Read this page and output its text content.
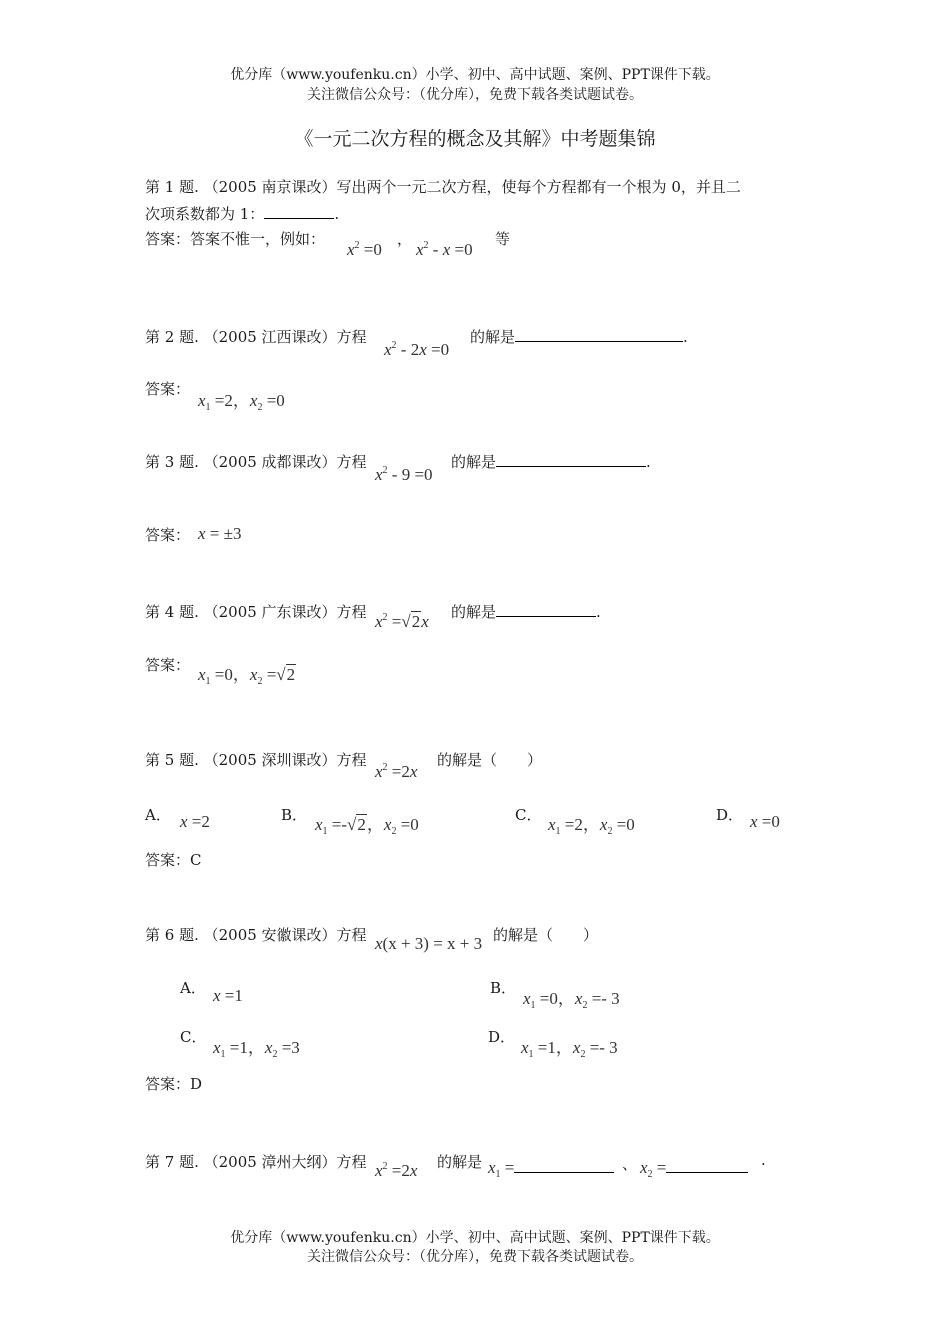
优分库（www.youfenku.cn）小学、初中、高中试题、案例、PPT课件下载。
关注微信公众号：（优分库），免费下载各类试题试卷。
《一元二次方程的概念及其解》中考题集锦
第 1 题. （2005 南京课改）写出两个一元二次方程，使每个方程都有一个根为 0，并且二
次项系数都为 1：	.
答案：答案不惟一，例如：
$x^2 =0$
，
$x^2 - x =0$
等
第 2 题. （2005 江西课改）方程
$x^2 - 2x =0$
的解是	.
答案：
$x_1 =2$，$x_2 =0$
第 3 题. （2005 成都课改）方程
$x^2 - 9 =0$
的解是	.
答案： x = ±3
第 4 题. （2005 广东课改）方程 $x^2 =√2x$ 的解是	.
答案： $x_1 =0$，$x_2 =√2$
第 5 题. （2005 深圳课改）方程
$x^2 =2x$
的解是（　　）
A． x =2	B． $x_1 =-√2$，$x_2 =0$	C． $x_1 =2$，$x_2 =0$	D． x =0
答案：C
第 6 题. （2005 安徽课改）方程 x(x + 3) = x + 3 的解是（　　）
A． x =1	B．
$x_1 =0$，$x_2 =- 3$
C．
$x_1 =1$，$x_2 =3$
D．
$x_1 =1$，$x_2 =- 3$
答案：D
第 7 题. （2005 漳州大纲）方程 $x^2 =2x$ 的解是 $x_1$ =	、 $x_2$ =	.
优分库（www.youfenku.cn）小学、初中、高中试题、案例、PPT课件下载。
关注微信公众号：（优分库），免费下载各类试题试卷。
